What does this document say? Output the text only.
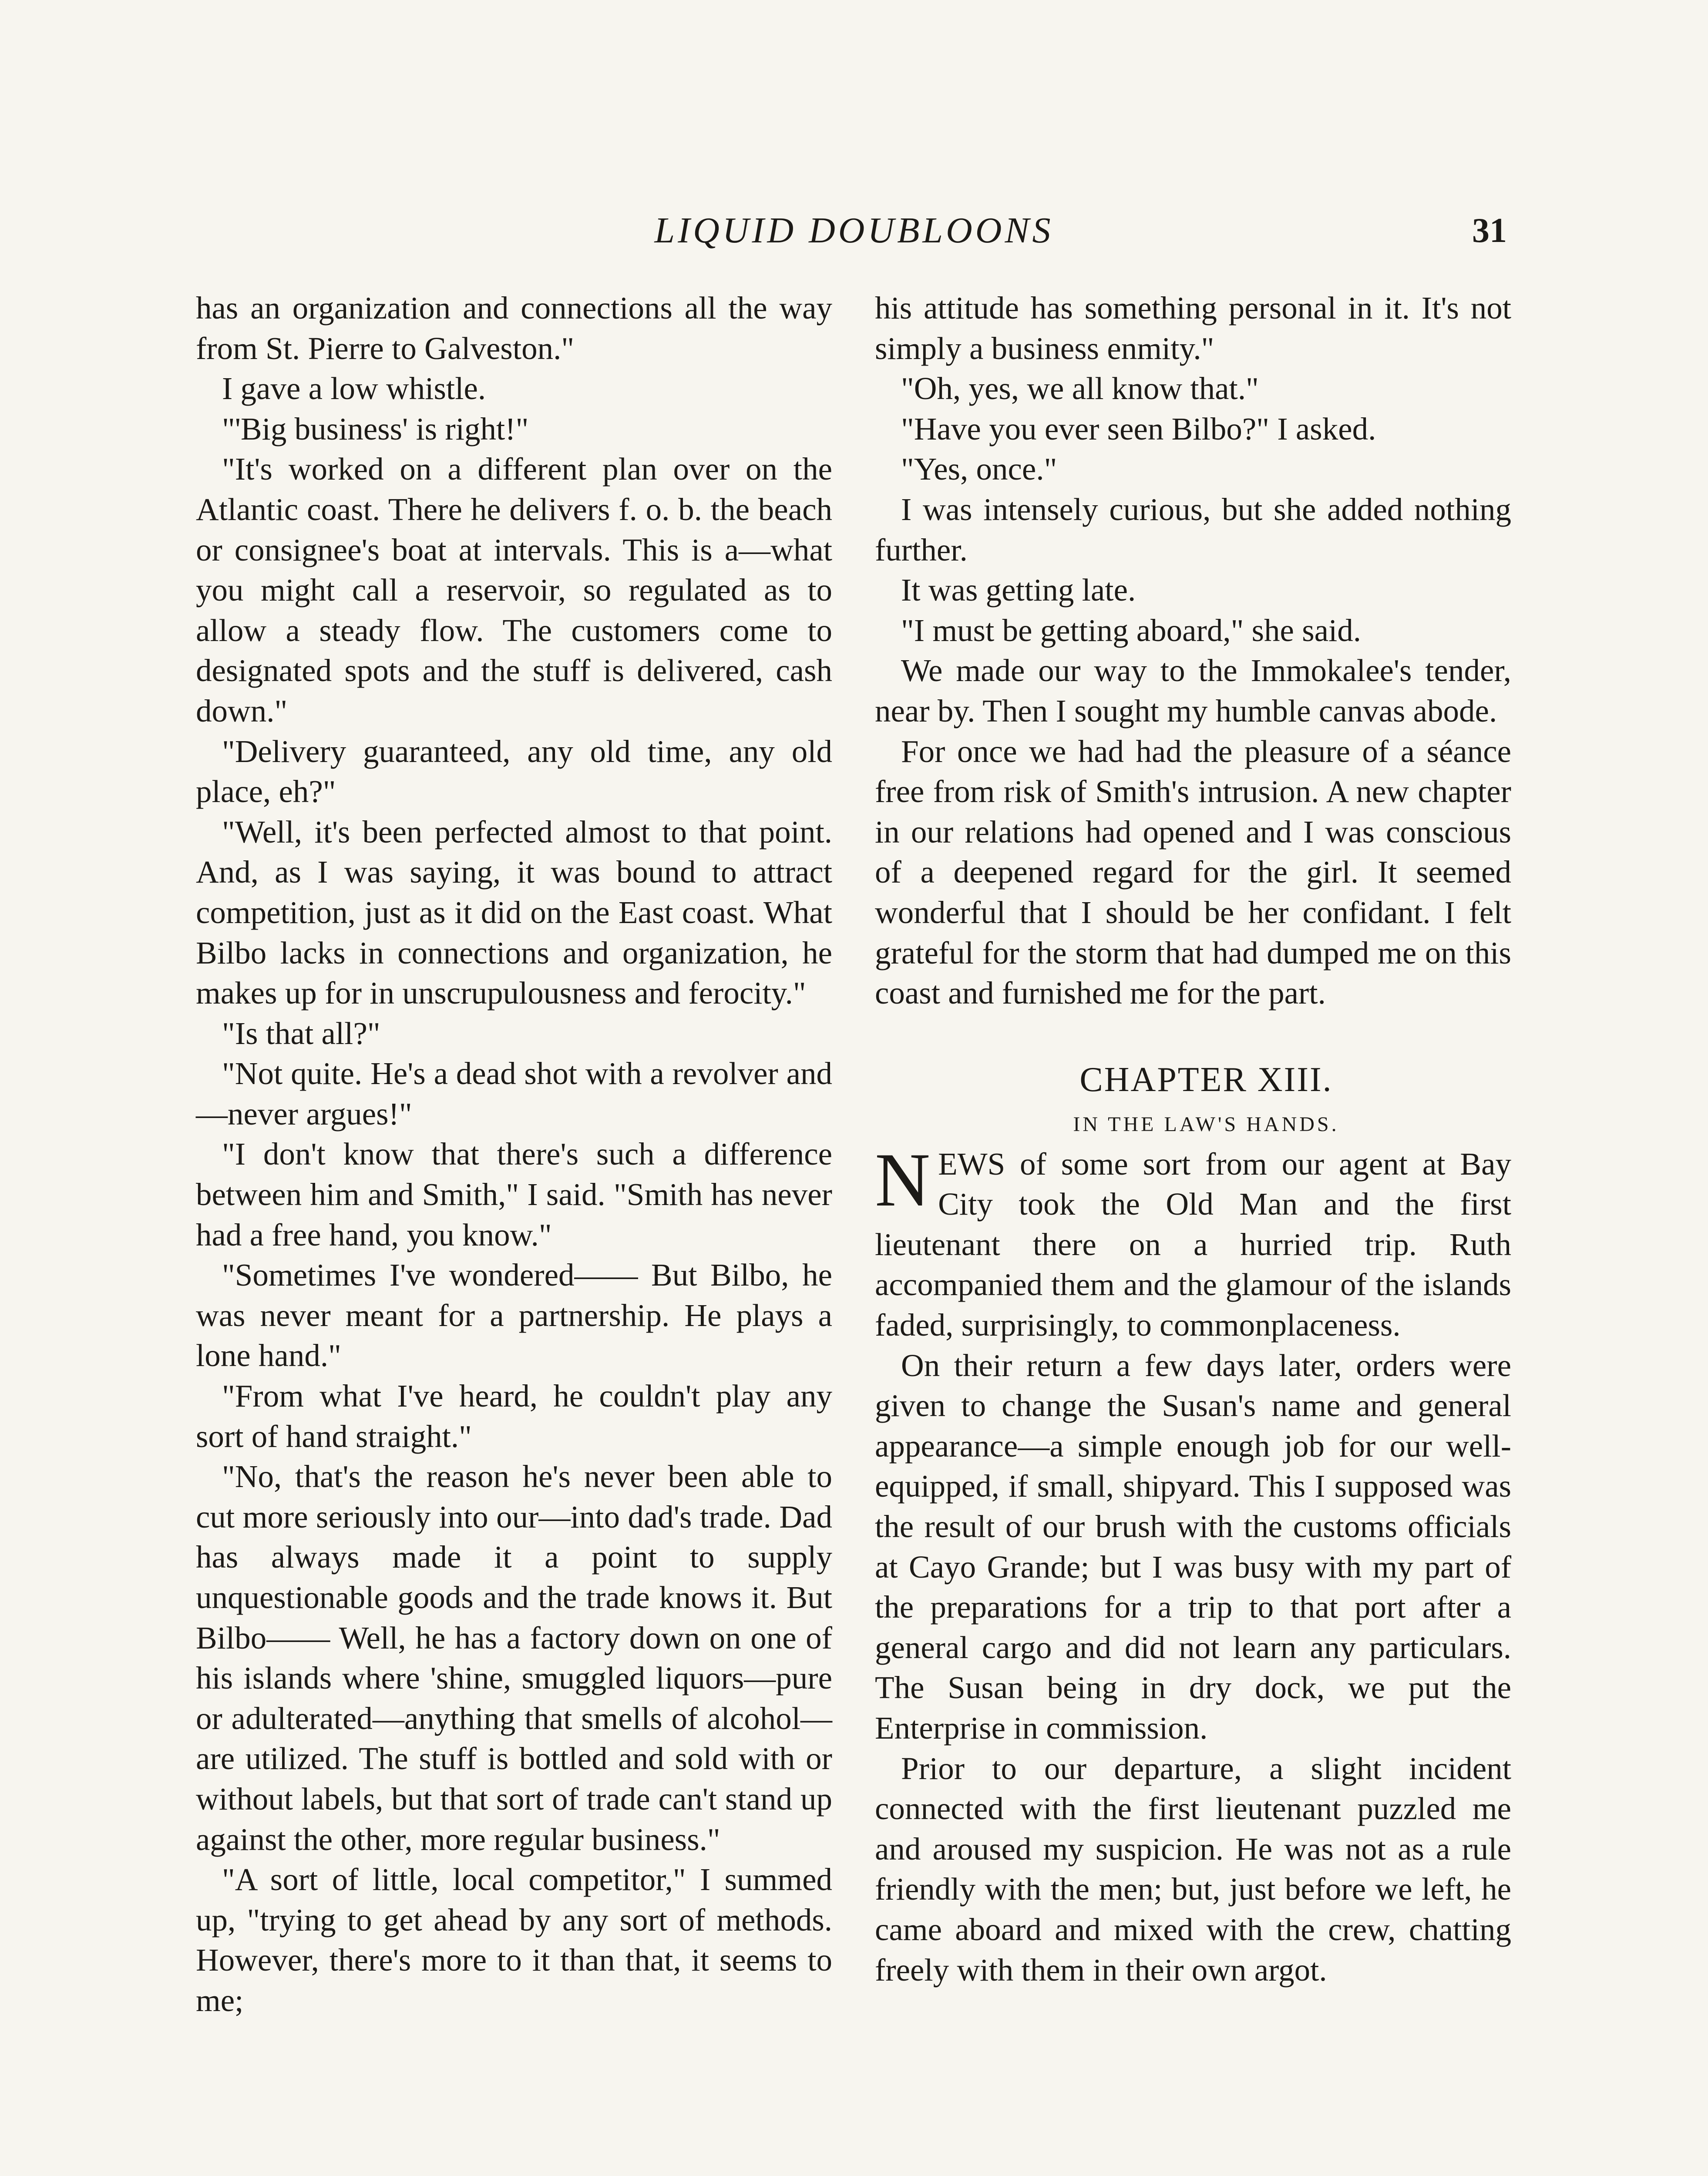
LIQUID DOUBLOONS	31

has an organization and connections all the way from St. Pierre to Galveston."

I gave a low whistle.

"'Big business' is right!"

"It's worked on a different plan over on the Atlantic coast. There he delivers f. o. b. the beach or consignee's boat at intervals. This is a—what you might call a reservoir, so regulated as to allow a steady flow. The customers come to designated spots and the stuff is delivered, cash down."

"Delivery guaranteed, any old time, any old place, eh?"

"Well, it's been perfected almost to that point. And, as I was saying, it was bound to attract competition, just as it did on the East coast. What Bilbo lacks in connections and organization, he makes up for in unscrupulousness and ferocity."

"Is that all?"

"Not quite. He's a dead shot with a revolver and—never argues!"

"I don't know that there's such a difference between him and Smith," I said. "Smith has never had a free hand, you know."

"Sometimes I've wondered—— But Bilbo, he was never meant for a partnership. He plays a lone hand."

"From what I've heard, he couldn't play any sort of hand straight."

"No, that's the reason he's never been able to cut more seriously into our—into dad's trade. Dad has always made it a point to supply unquestionable goods and the trade knows it. But Bilbo—— Well, he has a factory down on one of his islands where 'shine, smuggled liquors—pure or adulterated—anything that smells of alcohol—are utilized. The stuff is bottled and sold with or without labels, but that sort of trade can't stand up against the other, more regular business."

"A sort of little, local competitor," I summed up, "trying to get ahead by any sort of methods. However, there's more to it than that, it seems to me;

his attitude has something personal in it. It's not simply a business enmity."

"Oh, yes, we all know that."

"Have you ever seen Bilbo?" I asked.

"Yes, once."

I was intensely curious, but she added nothing further.

It was getting late.

"I must be getting aboard," she said.

We made our way to the Immokalee's tender, near by. Then I sought my humble canvas abode.

For once we had had the pleasure of a séance free from risk of Smith's intrusion. A new chapter in our relations had opened and I was conscious of a deepened regard for the girl. It seemed wonderful that I should be her confidant. I felt grateful for the storm that had dumped me on this coast and furnished me for the part.

CHAPTER XIII.

IN THE LAW'S HANDS.

NEWS of some sort from our agent at Bay City took the Old Man and the first lieutenant there on a hurried trip. Ruth accompanied them and the glamour of the islands faded, surprisingly, to commonplaceness.

On their return a few days later, orders were given to change the Susan's name and general appearance—a simple enough job for our well-equipped, if small, shipyard. This I supposed was the result of our brush with the customs officials at Cayo Grande; but I was busy with my part of the preparations for a trip to that port after a general cargo and did not learn any particulars. The Susan being in dry dock, we put the Enterprise in commission.

Prior to our departure, a slight incident connected with the first lieutenant puzzled me and aroused my suspicion. He was not as a rule friendly with the men; but, just before we left, he came aboard and mixed with the crew, chatting freely with them in their own argot.
